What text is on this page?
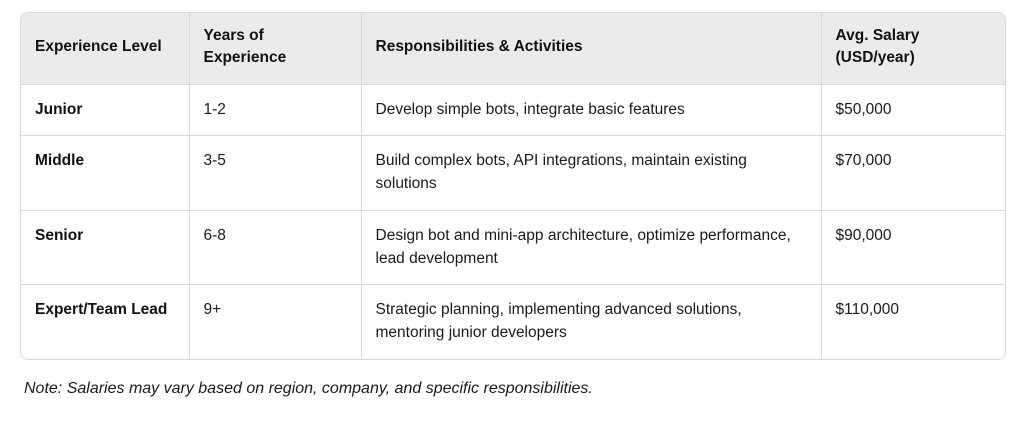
Experience Level	Years of Experience	Responsibilities & Activities	Avg. Salary (USD/year)
Junior	1-2	Develop simple bots, integrate basic features	$50,000
Middle	3-5	Build complex bots, API integrations, maintain existing solutions	$70,000
Senior	6-8	Design bot and mini-app architecture, optimize performance, lead development	$90,000
Expert/Team Lead	9+	Strategic planning, implementing advanced solutions, mentoring junior developers	$110,000
Note: Salaries may vary based on region, company, and specific responsibilities.
